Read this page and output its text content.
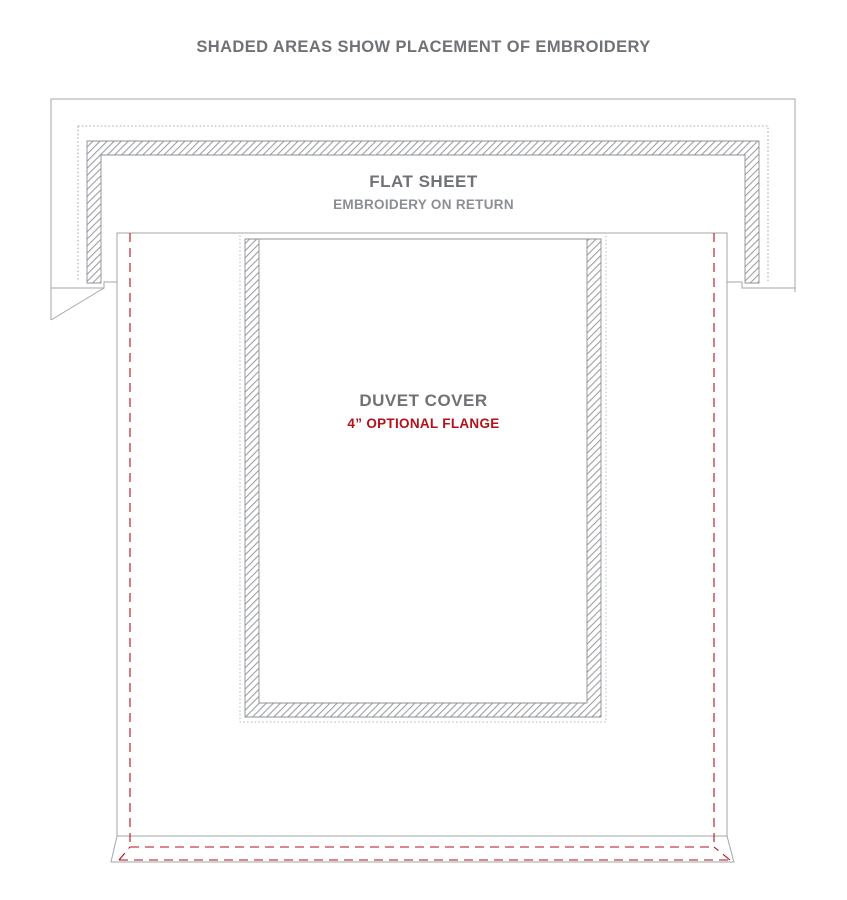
SHADED AREAS SHOW PLACEMENT OF EMBROIDERY
FLAT SHEET
EMBROIDERY ON RETURN
DUVET COVER
4” OPTIONAL FLANGE
